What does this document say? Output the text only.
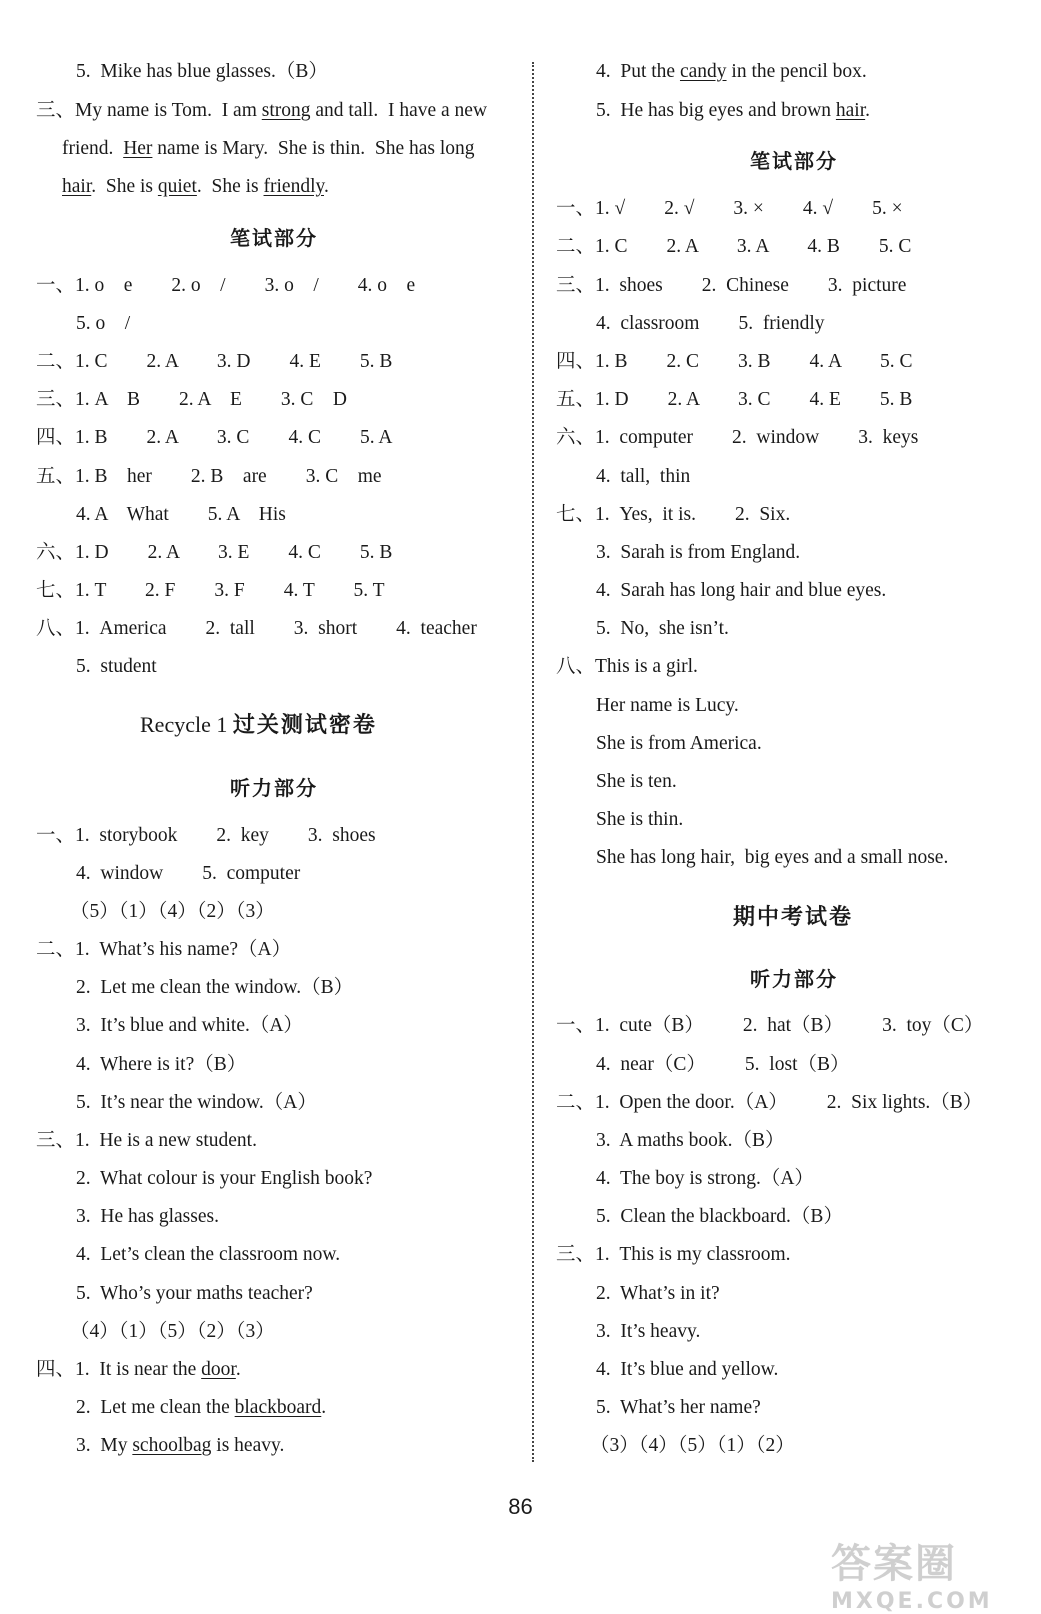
5.  Mike has blue glasses.（B）
三、My name is Tom.  I am strong and tall.  I have a new
friend.  Her name is Mary.  She is thin.  She has long
hair.  She is quiet.  She is friendly.
笔试部分
一、1. o    e        2. o    /        3. o    /        4. o    e
5. o    /
二、1. C        2. A        3. D        4. E        5. B
三、1. A    B        2. A    E        3. C    D
四、1. B        2. A        3. C        4. C        5. A
五、1. B    her        2. B    are        3. C    me
4. A    What        5. A    His
六、1. D        2. A        3. E        4. C        5. B
七、1. T        2. F        3. F        4. T        5. T
八、1.  America        2.  tall        3.  short        4.  teacher
5.  student
Recycle 1 过关测试密卷
听力部分
一、1.  storybook        2.  key        3.  shoes
4.  window        5.  computer
（5）（1）（4）（2）（3）
二、1.  What’s his name?（A）
2.  Let me clean the window.（B）
3.  It’s blue and white.（A）
4.  Where is it?（B）
5.  It’s near the window.（A）
三、1.  He is a new student.
2.  What colour is your English book?
3.  He has glasses.
4.  Let’s clean the classroom now.
5.  Who’s your maths teacher?
（4）（1）（5）（2）（3）
四、1.  It is near the door.
2.  Let me clean the blackboard.
3.  My schoolbag is heavy.
4.  Put the candy in the pencil box.
5.  He has big eyes and brown hair.
笔试部分
一、1. √        2. √        3. ×        4. √        5. ×
二、1. C        2. A        3. A        4. B        5. C
三、1.  shoes        2.  Chinese        3.  picture
4.  classroom        5.  friendly
四、1. B        2. C        3. B        4. A        5. C
五、1. D        2. A        3. C        4. E        5. B
六、1.  computer        2.  window        3.  keys
4.  tall,  thin
七、1.  Yes,  it is.        2.  Six.
3.  Sarah is from England.
4.  Sarah has long hair and blue eyes.
5.  No,  she isn’t.
八、This is a girl.
Her name is Lucy.
She is from America.
She is ten.
She is thin.
She has long hair,  big eyes and a small nose.
期中考试卷
听力部分
一、1.  cute（B）        2.  hat（B）        3.  toy（C）
4.  near（C）        5.  lost（B）
二、1.  Open the door.（A）        2.  Six lights.（B）
3.  A maths book.（B）
4.  The boy is strong.（A）
5.  Clean the blackboard.（B）
三、1.  This is my classroom.
2.  What’s in it?
3.  It’s heavy.
4.  It’s blue and yellow.
5.  What’s her name?
（3）（4）（5）（1）（2）
86
答案圈
MXQE.COM
